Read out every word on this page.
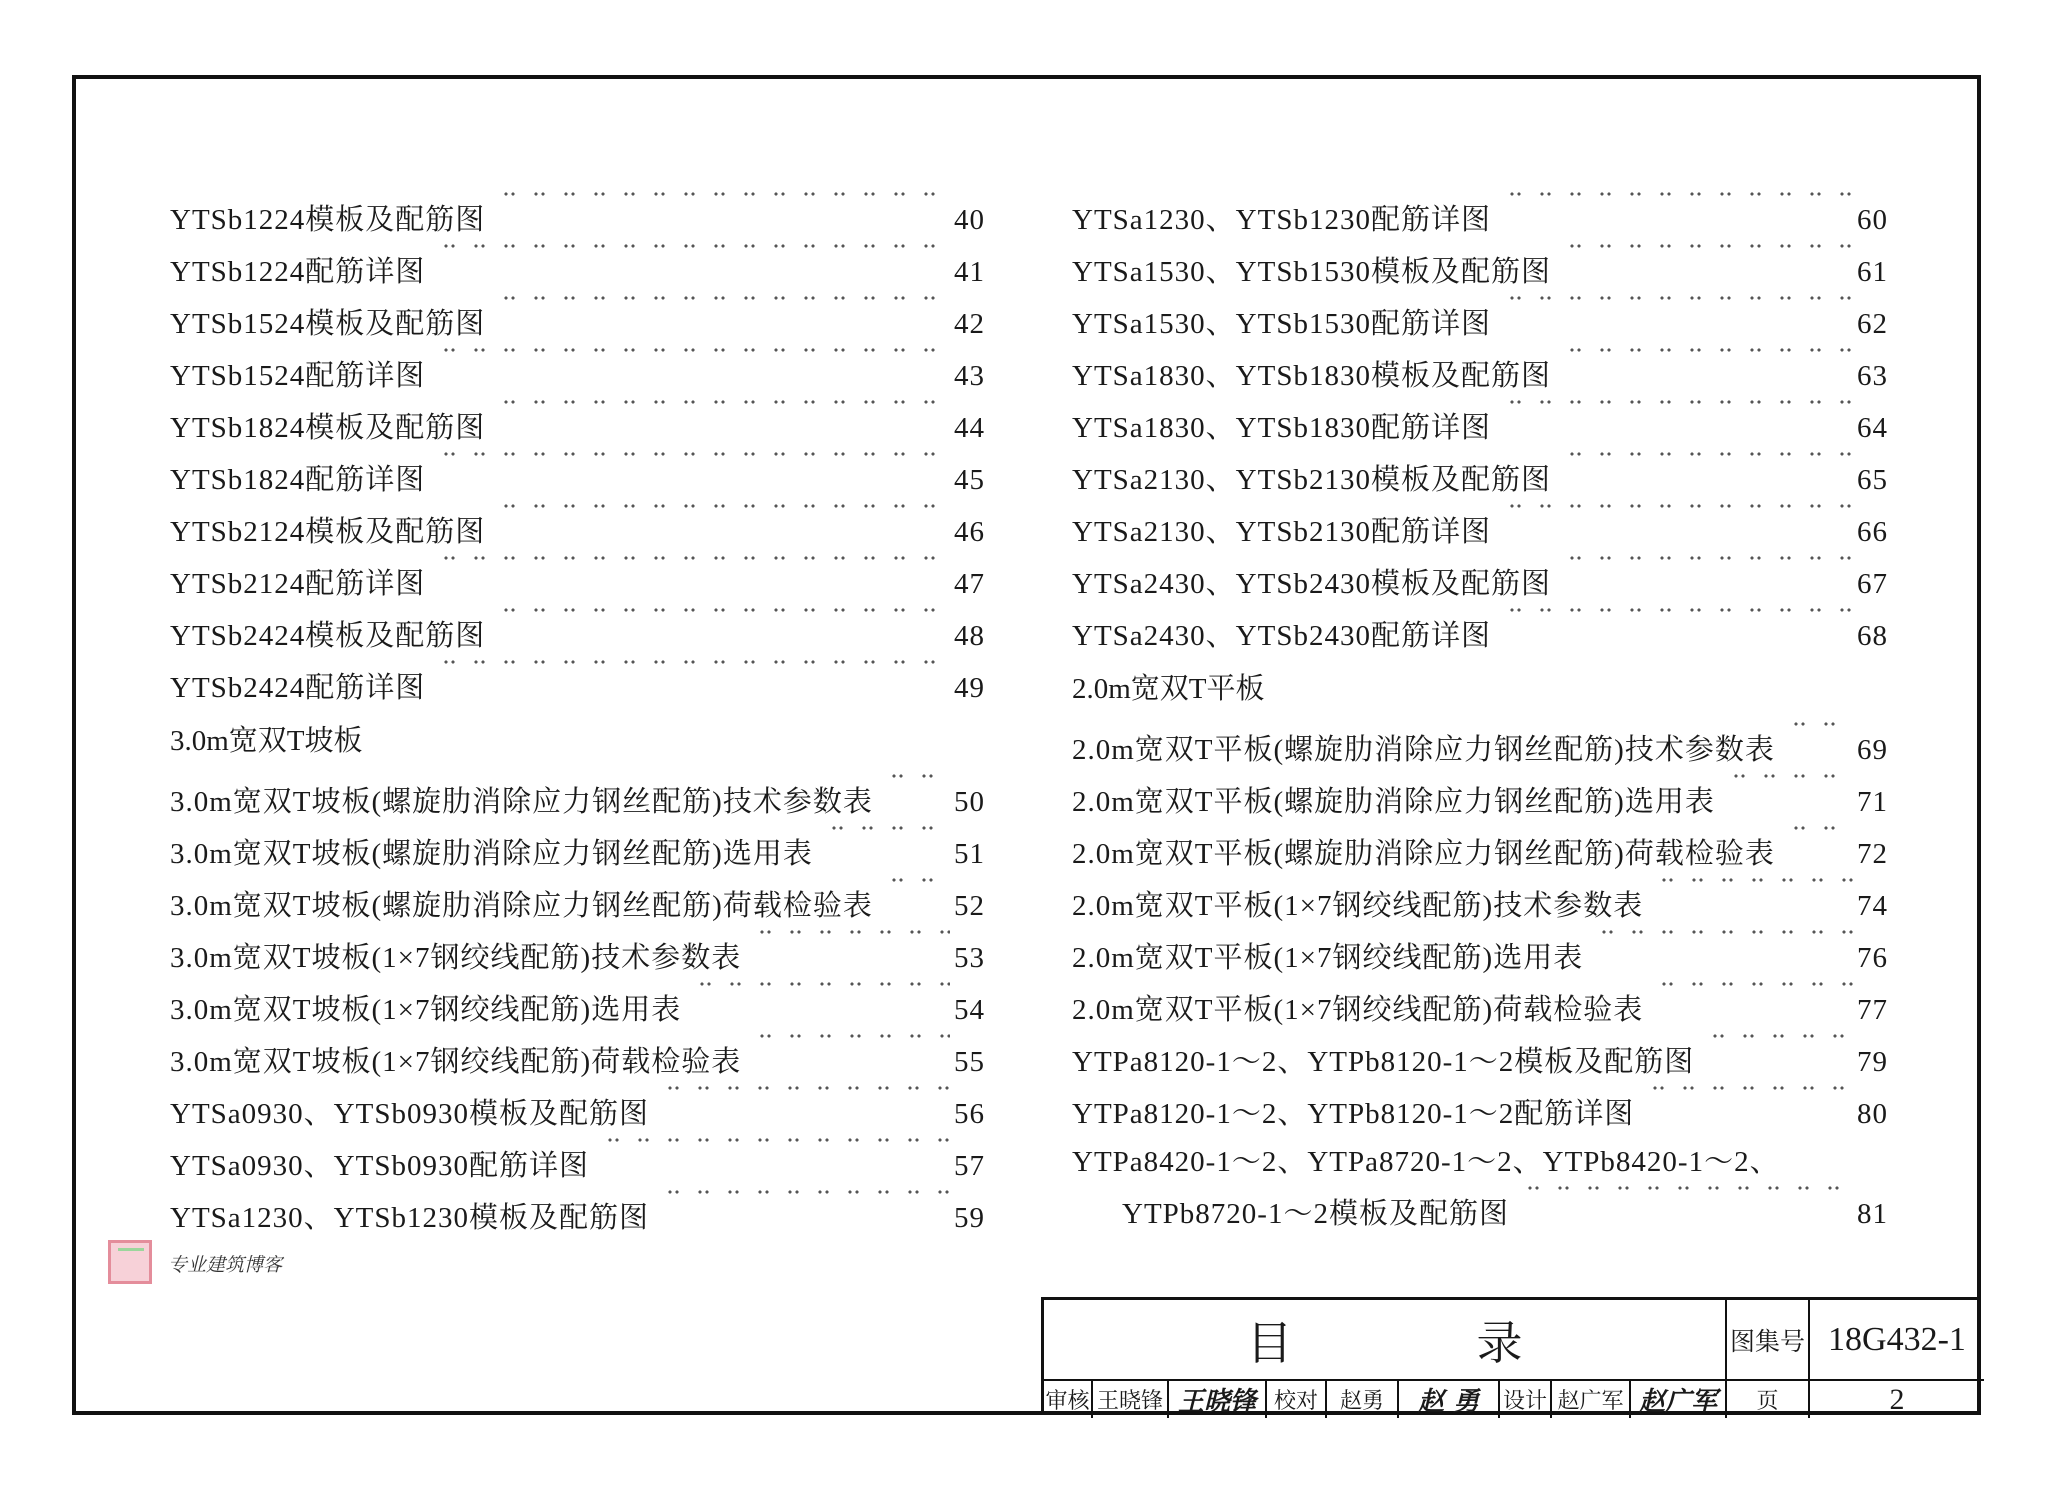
YTSb1224模板及配筋图	40
YTSb1224配筋详图	41
YTSb1524模板及配筋图	42
YTSb1524配筋详图	43
YTSb1824模板及配筋图	44
YTSb1824配筋详图	45
YTSb2124模板及配筋图	46
YTSb2124配筋详图	47
YTSb2424模板及配筋图	48
YTSb2424配筋详图	49
3.0m宽双T坡板
3.0m宽双T坡板(螺旋肋消除应力钢丝配筋)技术参数表	50
3.0m宽双T坡板(螺旋肋消除应力钢丝配筋)选用表	51
3.0m宽双T坡板(螺旋肋消除应力钢丝配筋)荷载检验表	52
3.0m宽双T坡板(1×7钢绞线配筋)技术参数表	53
3.0m宽双T坡板(1×7钢绞线配筋)选用表	54
3.0m宽双T坡板(1×7钢绞线配筋)荷载检验表	55
YTSa0930、YTSb0930模板及配筋图	56
YTSa0930、YTSb0930配筋详图	57
YTSa1230、YTSb1230模板及配筋图	59
YTSa1230、YTSb1230配筋详图	60
YTSa1530、YTSb1530模板及配筋图	61
YTSa1530、YTSb1530配筋详图	62
YTSa1830、YTSb1830模板及配筋图	63
YTSa1830、YTSb1830配筋详图	64
YTSa2130、YTSb2130模板及配筋图	65
YTSa2130、YTSb2130配筋详图	66
YTSa2430、YTSb2430模板及配筋图	67
YTSa2430、YTSb2430配筋详图	68
2.0m宽双T平板
2.0m宽双T平板(螺旋肋消除应力钢丝配筋)技术参数表	69
2.0m宽双T平板(螺旋肋消除应力钢丝配筋)选用表	71
2.0m宽双T平板(螺旋肋消除应力钢丝配筋)荷载检验表	72
2.0m宽双T平板(1×7钢绞线配筋)技术参数表	74
2.0m宽双T平板(1×7钢绞线配筋)选用表	76
2.0m宽双T平板(1×7钢绞线配筋)荷载检验表	77
YTPa8120-1～2、YTPb8120-1～2模板及配筋图	79
YTPa8120-1～2、YTPb8120-1～2配筋详图	80
YTPa8420-1～2、YTPa8720-1～2、YTPb8420-1～2、
YTPb8720-1～2模板及配筋图	81
专业建筑博客
目　　　　录	图集号 18G432-1
审核 王晓锋 王晓锋 校对 赵勇	赵 勇	设计 赵广军 赵广军	页	2
